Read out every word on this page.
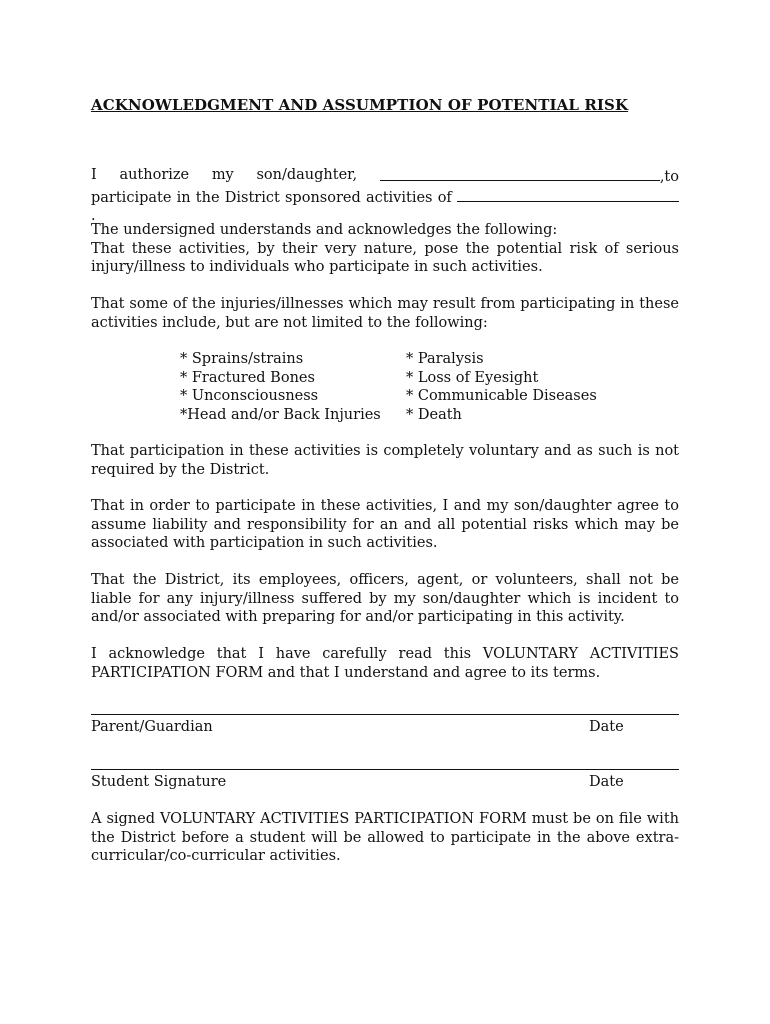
ACKNOWLEDGMENT AND ASSUMPTION OF POTENTIAL RISK
I authorize my son/daughter,	,to
participate in the District sponsored activities of .
The undersigned understands and acknowledges the following:
That these activities, by their very nature, pose the potential risk of serious injury/illness to individuals who participate in such activities.

That some of the injuries/illnesses which may result from participating in these activities include, but are not limited to the following:

* Sprains/strains
* Fractured Bones
* Unconsciousness
*Head and/or Back Injuries
* Paralysis
* Loss of Eyesight
* Communicable Diseases
* Death

That participation in these activities is completely voluntary and as such is not required by the District.

That in order to participate in these activities, I and my son/daughter agree to assume liability and responsibility for an and all potential risks which may be associated with participation in such activities.

That the District, its employees, officers, agent, or volunteers, shall not be liable for any injury/illness suffered by my son/daughter which is incident to and/or associated with preparing for and/or participating in this activity.

I acknowledge that I have carefully read this VOLUNTARY ACTIVITIES PARTICIPATION FORM and that I understand and agree to its terms.

Parent/Guardian	Date
Student Signature	Date

A signed VOLUNTARY ACTIVITIES PARTICIPATION FORM must be on file with the District before a student will be allowed to participate in the above extra-curricular/co-curricular activities.
